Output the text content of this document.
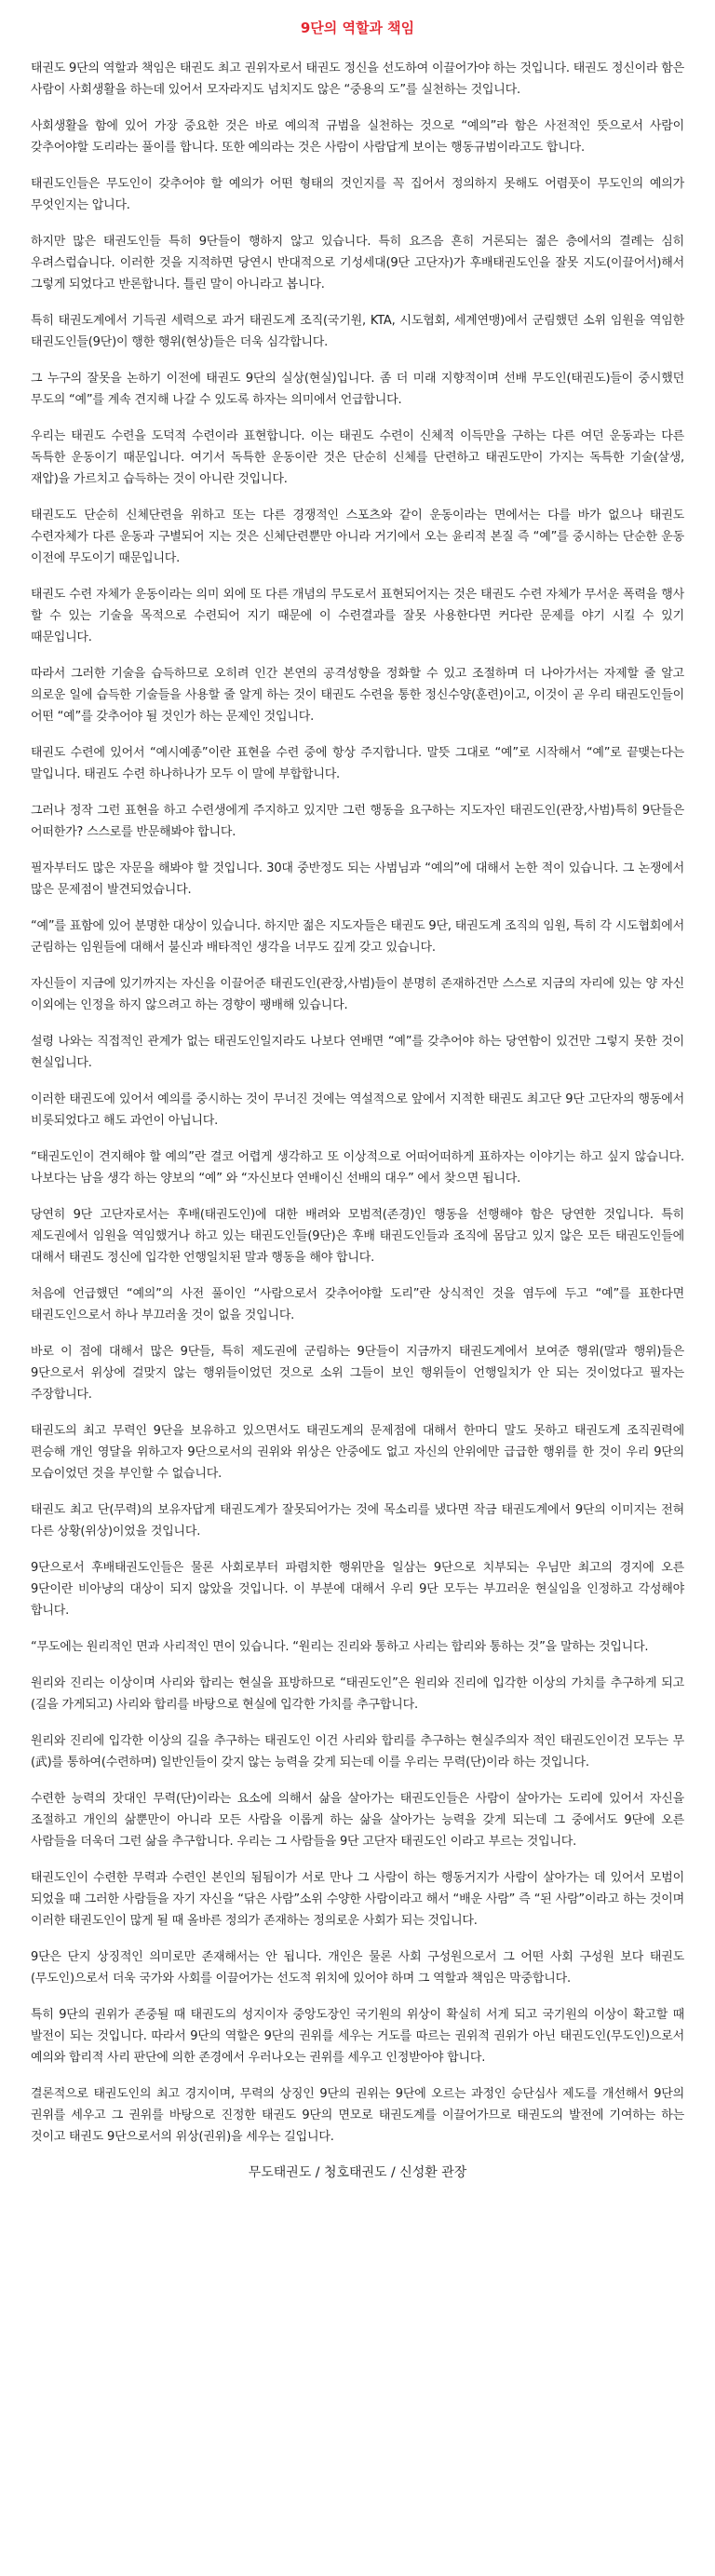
9단의 역할과 책임

태권도 9단의 역할과 책임은 태권도 최고 권위자로서 태권도 정신을 선도하여 이끌어가야 하는 것입니다. 태권도 정신이라 함은 사람이 사회생활을 하는데 있어서 모자라지도 넘치지도 않은 “중용의 도”를 실천하는 것입니다.

사회생활을 함에 있어 가장 중요한 것은 바로 예의적 규범을 실천하는 것으로 “예의”라 함은 사전적인 뜻으로서 사람이 갖추어야할 도리라는 풀이를 합니다. 또한 예의라는 것은 사람이 사람답게 보이는 행동규범이라고도 합니다.

태권도인들은 무도인이 갖추어야 할 예의가 어떤 형태의 것인지를 꼭 집어서 정의하지 못해도 어렴풋이 무도인의 예의가 무엇인지는 압니다.

하지만 많은 태권도인들 특히 9단들이 행하지 않고 있습니다. 특히 요즈음 흔히 거론되는 젊은 층에서의 결례는 심히 우려스럽습니다. 이러한 것을 지적하면 당연시 반대적으로 기성세대(9단 고단자)가 후배태권도인을 잘못 지도(이끌어서)해서 그렇게 되었다고 반론합니다. 틀린 말이 아니라고 봅니다.

특히 태권도계에서 기득권 세력으로 과거 태권도계 조직(국기원, KTA, 시도협회, 세계연맹)에서 군림했던 소위 임원을 역임한 태권도인들(9단)이 행한 행위(현상)들은 더욱 심각합니다.

그 누구의 잘못을 논하기 이전에 태권도 9단의 실상(현실)입니다. 좀 더 미래 지향적이며 선배 무도인(태권도)들이 중시했던 무도의 “예”를 계속 견지해 나갈 수 있도록 하자는 의미에서 언급합니다.

우리는 태권도 수련을 도덕적 수련이라 표현합니다. 이는 태권도 수련이 신체적 이득만을 구하는 다른 여던 운동과는 다른 독특한 운동이기 때문입니다. 여기서 독특한 운동이란 것은 단순히 신체를 단련하고 태권도만이 가지는 독특한 기술(살생, 재압)을 가르치고 습득하는 것이 아니란 것입니다.

태권도도 단순히 신체단련을 위하고 또는 다른 경쟁적인 스포츠와 같이 운동이라는 면에서는 다를 바가 없으나 태권도 수련자체가 다른 운동과 구별되어 지는 것은 신체단련뿐만 아니라 거기에서 오는 윤리적 본질 즉 “예”를 중시하는 단순한 운동 이전에 무도이기 때문입니다.

태권도 수련 자체가 운동이라는 의미 외에 또 다른 개념의 무도로서 표현되어지는 것은 태권도 수련 자체가 무서운 폭력을 행사 할 수 있는 기술을 목적으로 수련되어 지기 때문에 이 수련결과를 잘못 사용한다면 커다란 문제를 야기 시킬 수 있기 때문입니다.

따라서 그러한 기술을 습득하므로 오히려 인간 본연의 공격성향을 정화할 수 있고 조절하며 더 나아가서는 자제할 줄 알고 의로운 일에 습득한 기술들을 사용할 줄 알게 하는 것이 태권도 수련을 통한 정신수양(훈련)이고, 이것이 곧 우리 태권도인들이 어떤 “예”를 갖추어야 될 것인가 하는 문제인 것입니다.

태권도 수련에 있어서 “예시예종”이란 표현을 수련 중에 항상 주지합니다. 말뜻 그대로 “예”로 시작해서 “예”로 끝맺는다는 말입니다. 태권도 수련 하나하나가 모두 이 말에 부합합니다.

그러나 정작 그런 표현을 하고 수련생에게 주지하고 있지만 그런 행동을 요구하는 지도자인 태권도인(관장,사범)특히 9단들은 어떠한가? 스스로를 반문해봐야 합니다.

필자부터도 많은 자문을 해봐야 할 것입니다. 30대 중반정도 되는 사범님과 “예의”에 대해서 논한 적이 있습니다. 그 논쟁에서 많은 문제점이 발견되었습니다.

“예”를 표함에 있어 분명한 대상이 있습니다. 하지만 젊은 지도자들은 태권도 9단, 태권도계 조직의 임원, 특히 각 시도협회에서 군림하는 임원들에 대해서 불신과 배타적인 생각을 너무도 깊게 갖고 있습니다.

자신들이 지금에 있기까지는 자신을 이끌어준 태권도인(관장,사범)들이 분명히 존재하건만 스스로 지금의 자리에 있는 양 자신 이외에는 인정을 하지 않으려고 하는 경향이 팽배해 있습니다.

설령 나와는 직접적인 관계가 없는 태권도인일지라도 나보다 연배면 “예”를 갖추어야 하는 당연함이 있건만 그렇지 못한 것이 현실입니다.

이러한 태권도에 있어서 예의를 중시하는 것이 무너진 것에는 역설적으로 앞에서 지적한 태권도 최고단 9단 고단자의 행동에서 비롯되었다고 해도 과언이 아닙니다.

“태권도인이 견지해야 할 예의”란 결코 어렵게 생각하고 또 이상적으로 어떠어떠하게 표하자는 이야기는 하고 싶지 않습니다. 나보다는 남을 생각 하는 양보의 “예” 와 “자신보다 연배이신 선배의 대우” 에서 찾으면 됩니다.

당연히 9단 고단자로서는 후배(태권도인)에 대한 배려와 모범적(존경)인 행동을 선행해야 함은 당연한 것입니다. 특히 제도권에서 임원을 역임했거나 하고 있는 태권도인들(9단)은 후배 태권도인들과 조직에 몸담고 있지 않은 모든 태권도인들에 대해서 태권도 정신에 입각한 언행일치된 말과 행동을 해야 합니다.

처음에 언급했던 “예의”의 사전 풀이인 “사람으로서 갖추어야할 도리”란 상식적인 것을 염두에 두고 “예”를 표한다면 태권도인으로서 하나 부끄러울 것이 없을 것입니다.

바로 이 점에 대해서 많은 9단들, 특히 제도권에 군림하는 9단들이 지금까지 태권도계에서 보여준 행위(말과 행위)들은 9단으로서 위상에 걸맞지 않는 행위들이었던 것으로 소위 그들이 보인 행위들이 언행일치가 안 되는 것이었다고 필자는 주장합니다.

태권도의 최고 무력인 9단을 보유하고 있으면서도 태권도계의 문제점에 대해서 한마디 말도 못하고 태권도계 조직권력에 편승해 개인 영달을 위하고자 9단으로서의 권위와 위상은 안중에도 없고 자신의 안위에만 급급한 행위를 한 것이 우리 9단의 모습이었던 것을 부인할 수 없습니다.

태권도 최고 단(무력)의 보유자답게 태권도계가 잘못되어가는 것에 목소리를 냈다면 작금 태권도계에서 9단의 이미지는 전혀 다른 상황(위상)이었을 것입니다.

9단으로서 후배태권도인들은 물론 사회로부터 파렴치한 행위만을 일삼는 9단으로 치부되는 우님만 최고의 경지에 오른 9단이란 비아냥의 대상이 되지 않았을 것입니다. 이 부분에 대해서 우리 9단 모두는 부끄러운 현실임을 인정하고 각성해야 합니다.

“무도에는 원리적인 면과 사리적인 면이 있습니다. “원리는 진리와 통하고 사리는 합리와 통하는 것”을 말하는 것입니다.

원리와 진리는 이상이며 사리와 합리는 현실을 표방하므로 “태권도인”은 원리와 진리에 입각한 이상의 가치를 추구하게 되고(길을 가게되고) 사리와 합리를 바탕으로 현실에 입각한 가치를 추구합니다.

원리와 진리에 입각한 이상의 길을 추구하는 태권도인 이건 사리와 합리를 추구하는 현실주의자 적인 태권도인이건 모두는 무(武)를 통하여(수련하며) 일반인들이 갖지 않는 능력을 갖게 되는데 이를 우리는 무력(단)이라 하는 것입니다.

수련한 능력의 잣대인 무력(단)이라는 요소에 의해서 삶을 살아가는 태권도인들은 사람이 살아가는 도리에 있어서 자신을 조절하고 개인의 삶뿐만이 아니라 모든 사람을 이롭게 하는 삶을 살아가는 능력을 갖게 되는데 그 중에서도 9단에 오른 사람들을 더욱더 그런 삶을 추구합니다. 우리는 그 사람들을 9단 고단자 태권도인 이라고 부르는 것입니다.

태권도인이 수련한 무력과 수련인 본인의 됨됨이가 서로 만나 그 사람이 하는 행동거지가 사람이 살아가는 데 있어서 모범이 되었을 때 그러한 사람들을 자기 자신을 “닦은 사람”소위 수양한 사람이라고 해서 “배운 사람” 즉 “된 사람”이라고 하는 것이며 이러한 태권도인이 많게 될 때 올바른 정의가 존재하는 정의로운 사회가 되는 것입니다.

9단은 단지 상징적인 의미로만 존재해서는 안 됩니다. 개인은 물론 사회 구성원으로서 그 어떤 사회 구성원 보다 태권도(무도인)으로서 더욱 국가와 사회를 이끌어가는 선도적 위치에 있어야 하며 그 역할과 책임은 막중합니다.

특히 9단의 권위가 존중될 때 태권도의 성지이자 중앙도장인 국기원의 위상이 확실히 서게 되고 국기원의 이상이 확고할 때 발전이 되는 것입니다. 따라서 9단의 역할은 9단의 권위를 세우는 거도를 따르는 권위적 권위가 아닌 태권도인(무도인)으로서 예의와 합리적 사리 판단에 의한 존경에서 우러나오는 권위를 세우고 인정받아야 합니다.

결론적으로 태권도인의 최고 경지이며, 무력의 상징인 9단의 권위는 9단에 오르는 과정인 승단심사 제도를 개선해서 9단의 권위를 세우고 그 권위를 바탕으로 진정한 태권도 9단의 면모로 태권도계를 이끌어가므로 태권도의 발전에 기여하는 하는 것이고 태권도 9단으로서의 위상(권위)을 세우는 길입니다.

무도태권도 / 청호태권도 / 신성환 관장
